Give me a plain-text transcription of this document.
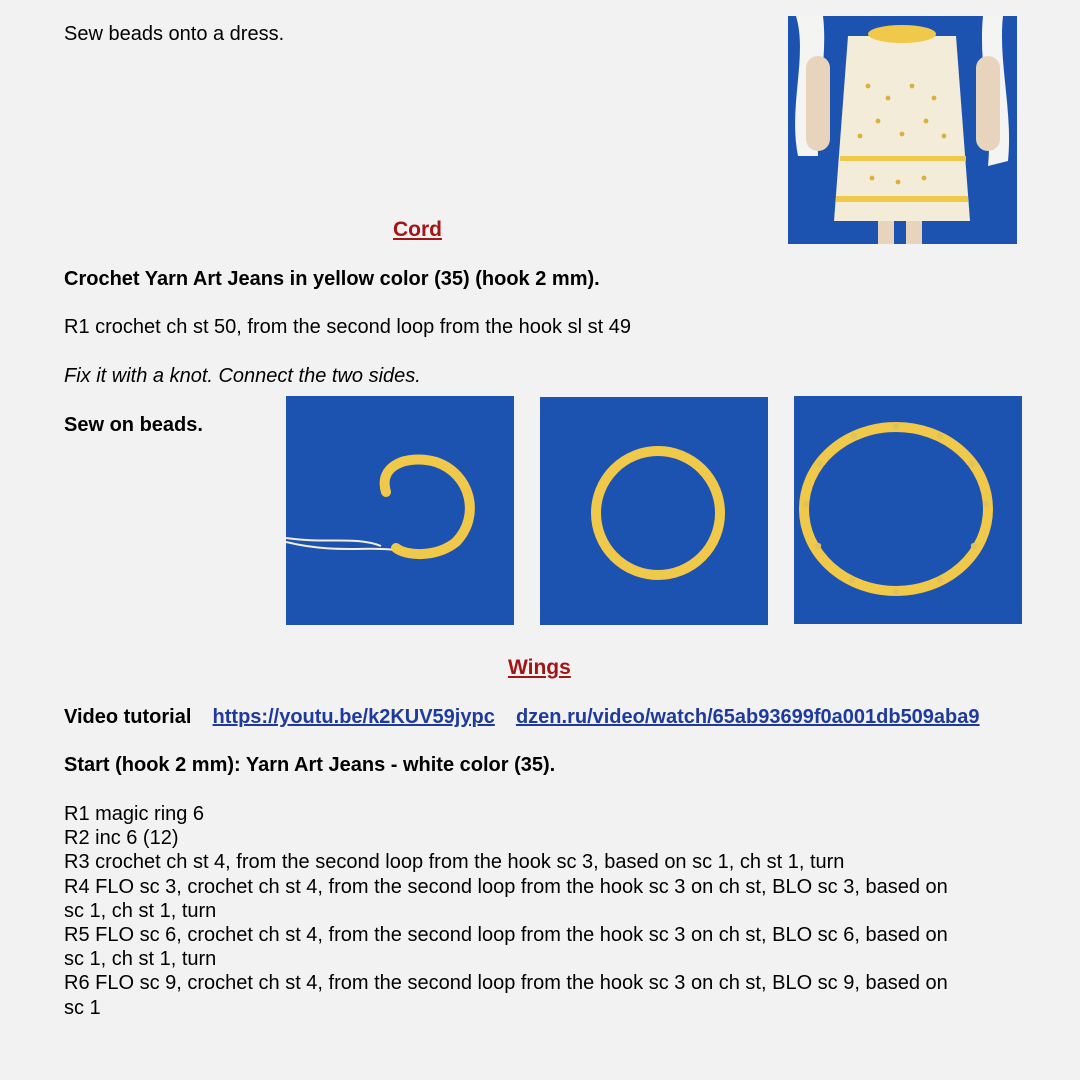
Sew beads onto a dress.
Cord
Crochet Yarn Art Jeans in yellow color (35) (hook 2 mm).
R1 crochet ch st 50, from the second loop from the hook sl st 49
Fix it with a knot. Connect the two sides.
Sew on beads.
Wings
Video tutorial https://youtu.be/k2KUV59jypc dzen.ru/video/watch/65ab93699f0a001db509aba9
Start (hook 2 mm): Yarn Art Jeans - white color (35).
R1 magic ring 6
R2 inc 6 (12)
R3 crochet ch st 4, from the second loop from the hook sc 3, based on sc 1, ch st 1, turn
R4 FLO sc 3, crochet ch st 4, from the second loop from the hook sc 3 on ch st, BLO sc 3, based on
sc 1, ch st 1, turn
R5 FLO sc 6, crochet ch st 4, from the second loop from the hook sc 3 on ch st, BLO sc 6, based on
sc 1, ch st 1, turn
R6 FLO sc 9, crochet ch st 4, from the second loop from the hook sc 3 on ch st, BLO sc 9, based on
sc 1
